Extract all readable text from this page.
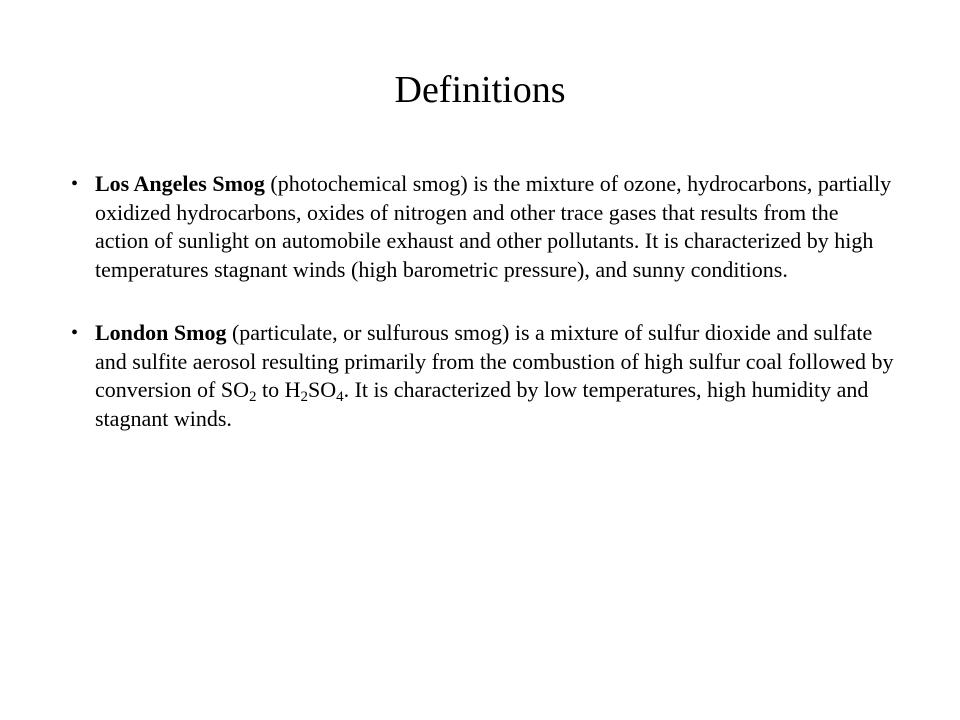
Definitions
• Los Angeles Smog (photochemical smog) is the mixture of ozone, hydrocarbons, partially oxidized hydrocarbons, oxides of nitrogen and other trace gases that results from the action of sunlight on automobile exhaust and other pollutants. It is characterized by high temperatures stagnant winds (high barometric pressure), and sunny conditions.
• London Smog (particulate, or sulfurous smog) is a mixture of sulfur dioxide and sulfate and sulfite aerosol resulting primarily from the combustion of high sulfur coal followed by conversion of $SO_2$ to $H_2SO_4$. It is characterized by low temperatures, high humidity and stagnant winds.
